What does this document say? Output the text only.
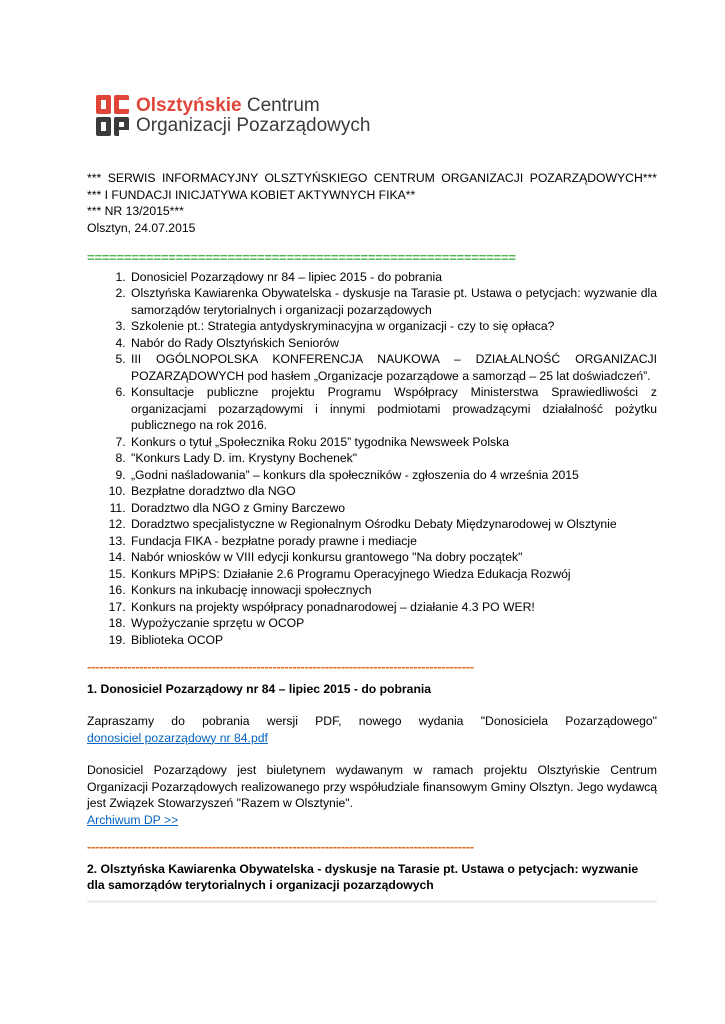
Olsztyńskie Centrum
Organizacji Pozarządowych
*** SERWIS INFORMACYJNY OLSZTYŃSKIEGO CENTRUM ORGANIZACJI POZARZĄDOWYCH***
*** I FUNDACJI INICJATYWA KOBIET AKTYWNYCH FIKA**
*** NR 13/2015***
Olsztyn, 24.07.2015
==========================================================
1. Donosiciel Pozarządowy nr 84 – lipiec 2015 - do pobrania
2. Olsztyńska Kawiarenka Obywatelska - dyskusje na Tarasie pt. Ustawa o petycjach: wyzwanie dla samorządów terytorialnych i organizacji pozarządowych
3. Szkolenie pt.: Strategia antydyskryminacyjna w organizacji - czy to się opłaca?
4. Nabór do Rady Olsztyńskich Seniorów
5. III OGÓLNOPOLSKA KONFERENCJA NAUKOWA – DZIAŁALNOŚĆ ORGANIZACJI POZARZĄDOWYCH pod hasłem „Organizacje pozarządowe a samorząd – 25 lat doświadczeń”.
6. Konsultacje publiczne projektu Programu Współpracy Ministerstwa Sprawiedliwości z organizacjami pozarządowymi i innymi podmiotami prowadzącymi działalność pożytku publicznego na rok 2016.
7. Konkurs o tytuł „Społecznika Roku 2015” tygodnika Newsweek Polska
8. "Konkurs Lady D. im. Krystyny Bochenek"
9. „Godni naśladowania” – konkurs dla społeczników - zgłoszenia do 4 września 2015
10. Bezpłatne doradztwo dla NGO
11. Doradztwo dla NGO z Gminy Barczewo
12. Doradztwo specjalistyczne w Regionalnym Ośrodku Debaty Międzynarodowej w Olsztynie
13. Fundacja FIKA - bezpłatne porady prawne i mediacje
14. Nabór wniosków w VIII edycji konkursu grantowego "Na dobry początek"
15. Konkurs MPiPS: Działanie 2.6 Programu Operacyjnego Wiedza Edukacja Rozwój
16. Konkurs na inkubację innowacji społecznych
17. Konkurs na projekty współpracy ponadnarodowej – działanie 4.3 PO WER!
18. Wypożyczanie sprzętu w OCOP
19. Biblioteka OCOP
------------------------------------------------------------------------------------------------
1. Donosiciel Pozarządowy nr 84 – lipiec 2015 - do pobrania

Zapraszamy do pobrania wersji PDF, nowego wydania "Donosiciela Pozarządowego"

donosiciel pozarządowy nr 84.pdf

Donosiciel Pozarządowy jest biuletynem wydawanym w ramach projektu Olsztyńskie Centrum Organizacji Pozarządowych realizowanego przy współudziale finansowym Gminy Olsztyn. Jego wydawcą jest Związek Stowarzyszeń "Razem w Olsztynie".

Archiwum DP >>

------------------------------------------------------------------------------------------------
2. Olsztyńska Kawiarenka Obywatelska - dyskusje na Tarasie pt. Ustawa o petycjach: wyzwanie dla samorządów terytorialnych i organizacji pozarządowych
